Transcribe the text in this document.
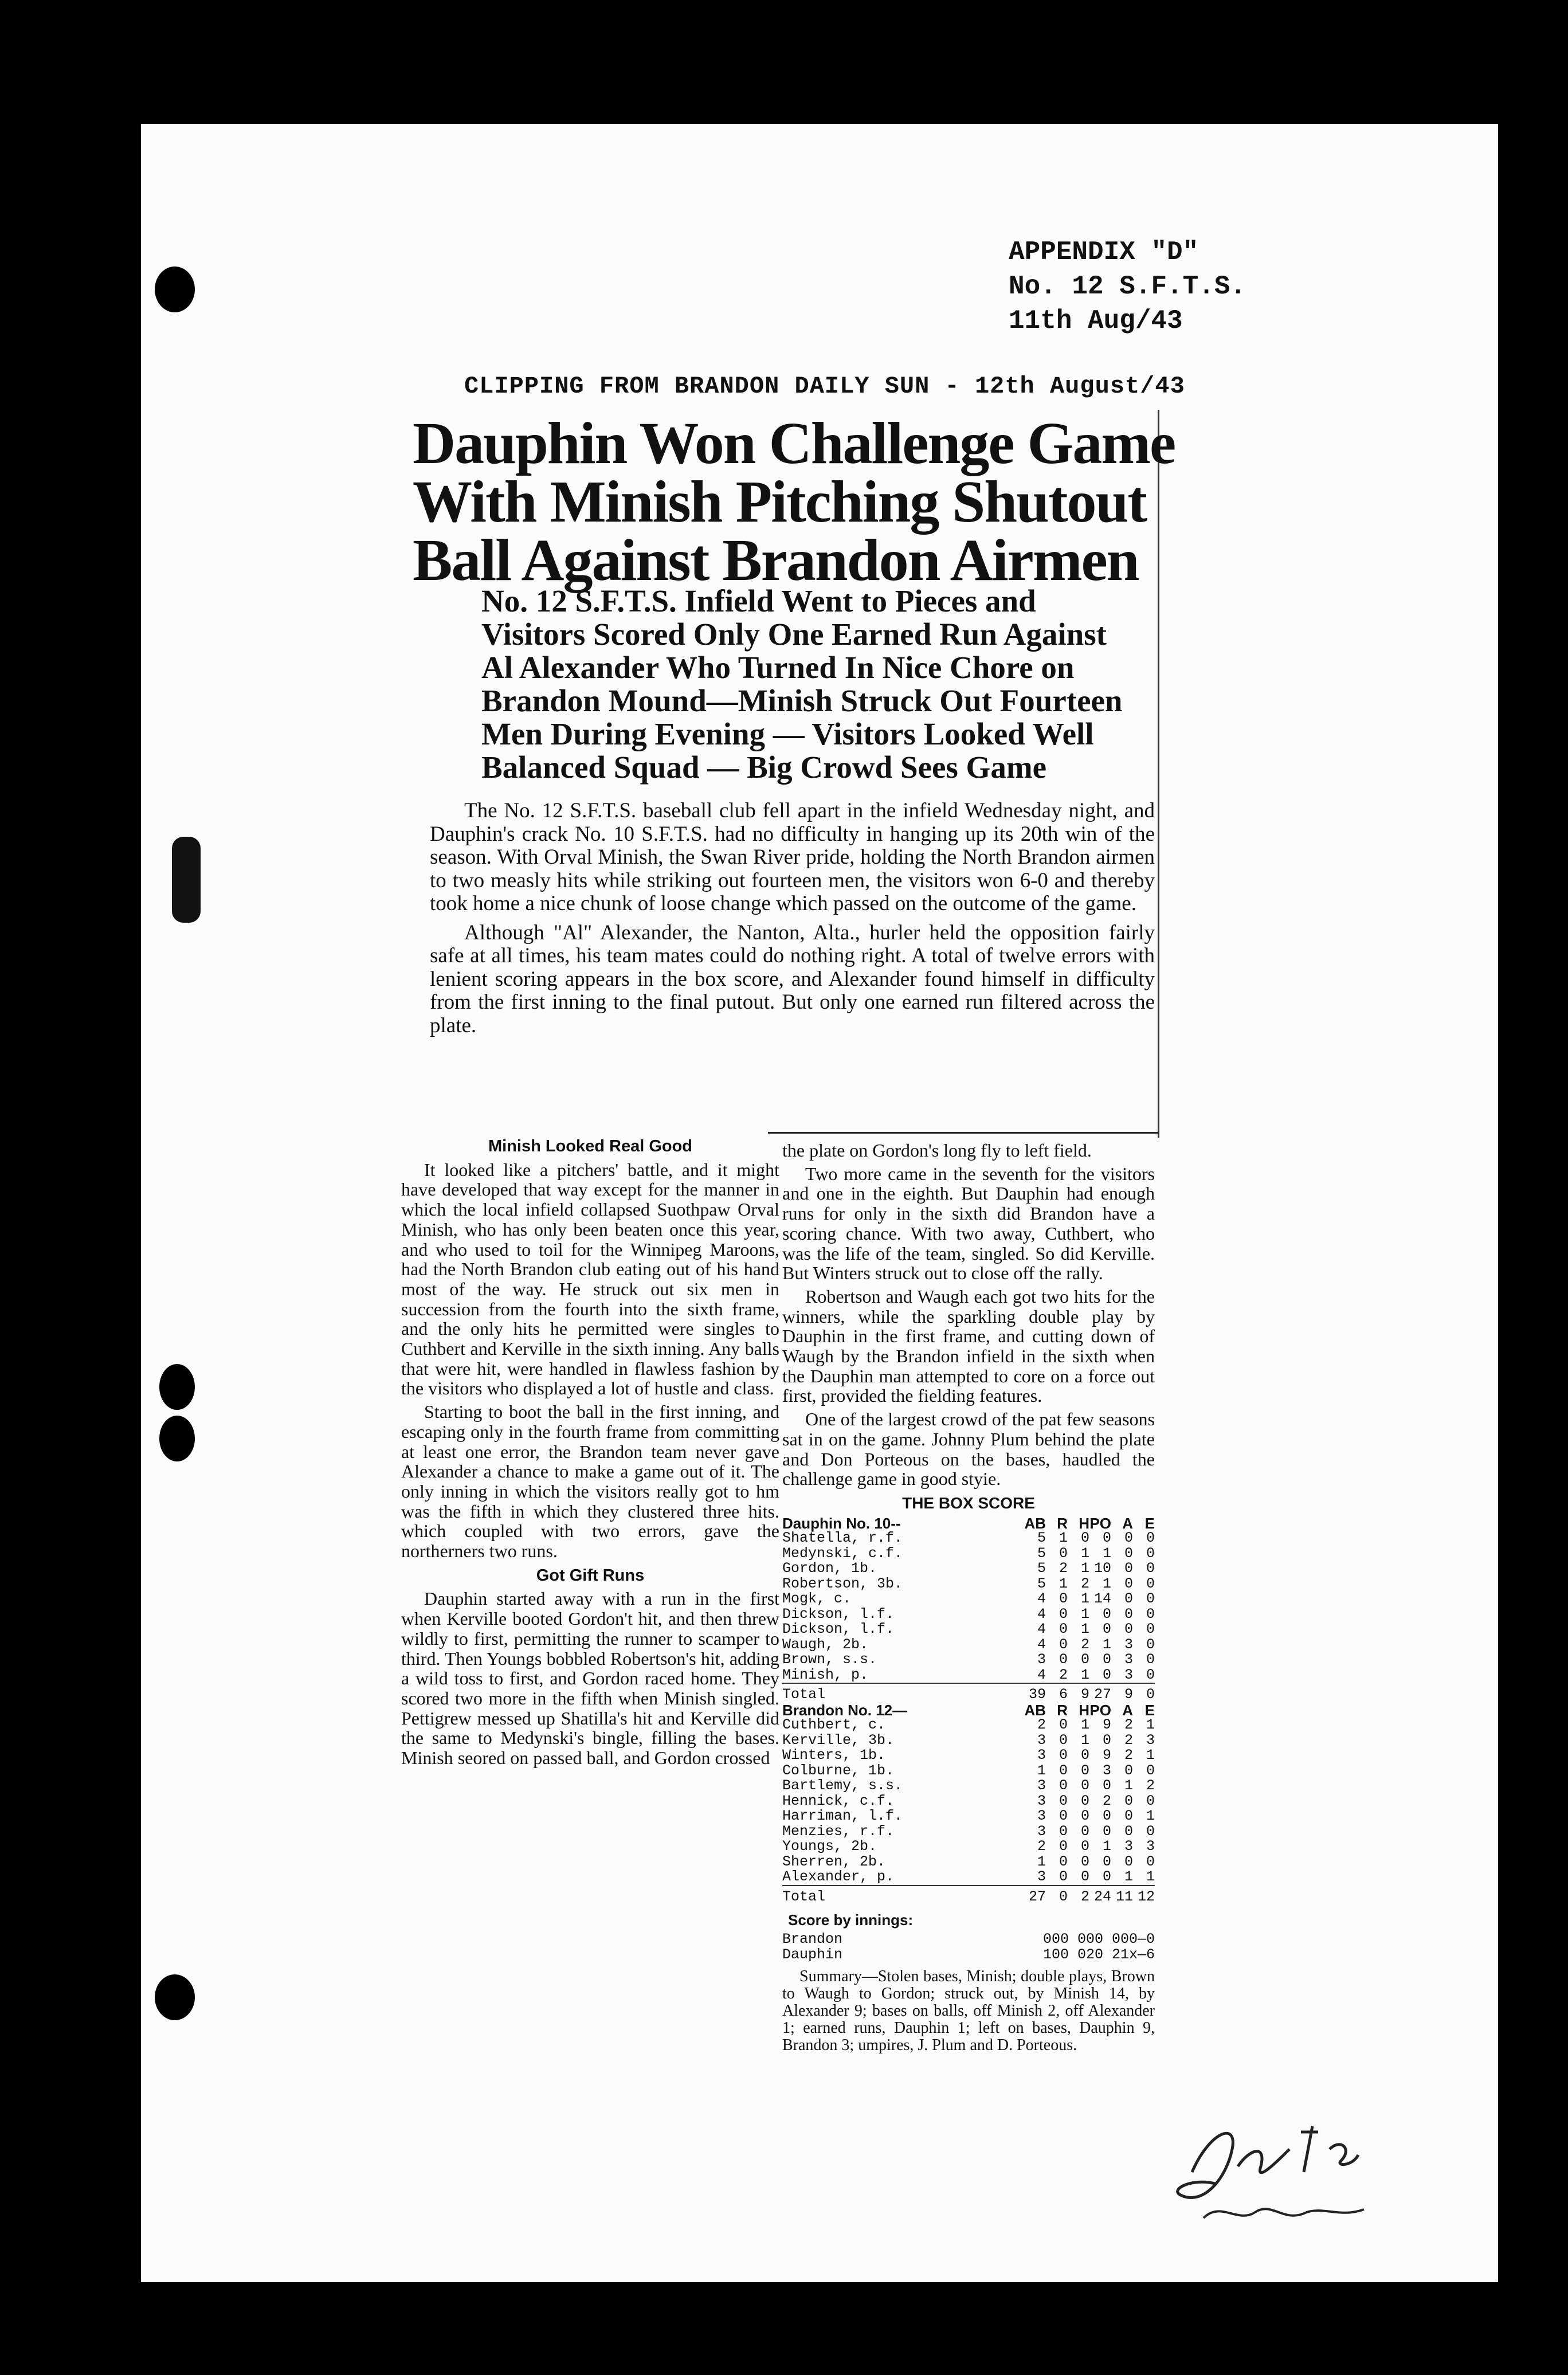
APPENDIX "D"
No. 12 S.F.T.S.
11th Aug/43
CLIPPING FROM BRANDON DAILY SUN - 12th August/43
Dauphin Won Challenge Game
With Minish Pitching Shutout
Ball Against Brandon Airmen
No. 12 S.F.T.S. Infield Went to Pieces and
Visitors Scored Only One Earned Run Against
Al Alexander Who Turned In Nice Chore on
Brandon Mound—Minish Struck Out Fourteen
Men During Evening — Visitors Looked Well
Balanced Squad — Big Crowd Sees Game

The No. 12 S.F.T.S. baseball club fell apart in the infield Wednesday night, and Dauphin's crack No. 10 S.F.T.S. had no difficulty in hanging up its 20th win of the season. With Orval Minish, the Swan River pride, holding the North Brandon airmen to two measly hits while striking out fourteen men, the visitors won 6-0 and thereby took home a nice chunk of loose change which passed on the outcome of the game.

Although "Al" Alexander, the Nanton, Alta., hurler held the opposition fairly safe at all times, his team mates could do nothing right. A total of twelve errors with lenient scoring appears in the box score, and Alexander found himself in difficulty from the first inning to the final putout. But only one earned run filtered across the plate.

Minish Looked Real Good

It looked like a pitchers' battle, and it might have developed that way except for the manner in which the local infield collapsed Suothpaw Orval Minish, who has only been beaten once this year, and who used to toil for the Winnipeg Maroons, had the North Brandon club eating out of his hand most of the way. He struck out six men in succession from the fourth into the sixth frame, and the only hits he permitted were singles to Cuthbert and Kerville in the sixth inning. Any balls that were hit, were handled in flawless fashion by the visitors who displayed a lot of hustle and class.

Starting to boot the ball in the first inning, and escaping only in the fourth frame from committing at least one error, the Brandon team never gave Alexander a chance to make a game out of it. The only inning in which the visitors really got to hm was the fifth in which they clustered three hits. which coupled with two errors, gave the northerners two runs.

Got Gift Runs

Dauphin started away with a run in the first when Kerville booted Gordon't hit, and then threw wildly to first, permitting the runner to scamper to third. Then Youngs bobbled Robertson's hit, adding a wild toss to first, and Gordon raced home. They scored two more in the fifth when Minish singled. Pettigrew messed up Shatilla's hit and Kerville did the same to Medynski's bingle, filling the bases. Minish seored on passed ball, and Gordon crossed

the plate on Gordon's long fly to left field.

Two more came in the seventh for the visitors and one in the eighth. But Dauphin had enough runs for only in the sixth did Brandon have a scoring chance. With two away, Cuthbert, who was the life of the team, singled. So did Kerville. But Winters struck out to close off the rally.

Robertson and Waugh each got two hits for the winners, while the sparkling double play by Dauphin in the first frame, and cutting down of Waugh by the Brandon infield in the sixth when the Dauphin man attempted to core on a force out first, provided the fielding features.

One of the largest crowd of the pat few seasons sat in on the game. Johnny Plum behind the plate and Don Porteous on the bases, haudled the challenge game in good styie.

THE BOX SCORE
Dauphin No. 10--	AB	R	H	PO	A	E
Shatella, r.f.	5	1	0	0	0	0
Medynski, c.f.	5	0	1	1	0	0
Gordon, 1b.	5	2	1	10	0	0
Robertson, 3b.	5	1	2	1	0	0
Mogk, c.	4	0	1	14	0	0
Dickson, l.f.	4	0	1	0	0	0
Dickson, l.f.	4	0	1	0	0	0
Waugh, 2b.	4	0	2	1	3	0
Brown, s.s.	3	0	0	0	3	0
Minish, p.	4	2	1	0	3	0
Total	39	6	9	27	9	0
Brandon No. 12—	AB	R	H	PO	A	E
Cuthbert, c.	2	0	1	9	2	1
Kerville, 3b.	3	0	1	0	2	3
Winters, 1b.	3	0	0	9	2	1
Colburne, 1b.	1	0	0	3	0	0
Bartlemy, s.s.	3	0	0	0	1	2
Hennick, c.f.	3	0	0	2	0	0
Harriman, l.f.	3	0	0	0	0	1
Menzies, r.f.	3	0	0	0	0	0
Youngs, 2b.	2	0	0	1	3	3
Sherren, 2b.	1	0	0	0	0	0
Alexander, p.	3	0	0	0	1	1
Total	27	0	2	24	11	12
Score by innings:
Brandon	000 000 000—0
Dauphin	100 020 21x—6

Summary—Stolen bases, Minish; double plays, Brown to Waugh to Gordon; struck out, by Minish 14, by Alexander 9; bases on balls, off Minish 2, off Alexander 1; earned runs, Dauphin 1; left on bases, Dauphin 9, Brandon 3; umpires, J. Plum and D. Porteous.
